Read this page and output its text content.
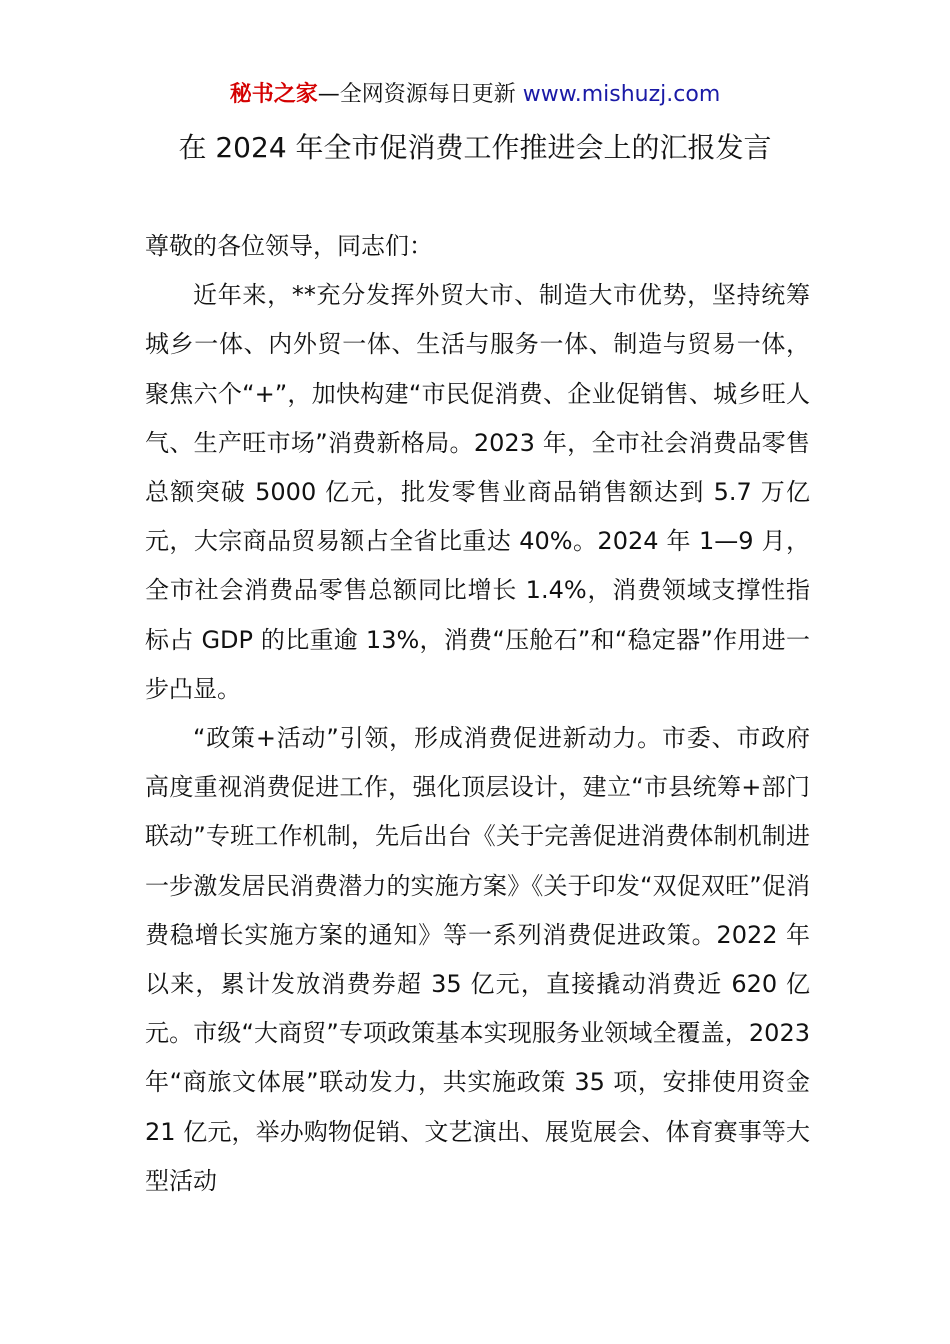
秘书之家—全网资源每日更新 www.mishuzj.com
在 2024 年全市促消费工作推进会上的汇报发言

尊敬的各位领导，同志们：

近年来，**充分发挥外贸大市、制造大市优势，坚持统筹城乡一体、内外贸一体、生活与服务一体、制造与贸易一体，聚焦六个“+”，加快构建“市民促消费、企业促销售、城乡旺人气、生产旺市场”消费新格局。2023 年，全市社会消费品零售总额突破 5000 亿元，批发零售业商品销售额达到 5.7 万亿元，大宗商品贸易额占全省比重达 40%。2024 年 1—9 月，全市社会消费品零售总额同比增长 1.4%，消费领域支撑性指标占 GDP 的比重逾 13%，消费“压舱石”和“稳定器”作用进一步凸显。

“政策+活动”引领，形成消费促进新动力。市委、市政府高度重视消费促进工作，强化顶层设计，建立“市县统筹+部门联动”专班工作机制，先后出台《关于完善促进消费体制机制进一步激发居民消费潜力的实施方案》《关于印发“双促双旺”促消费稳增长实施方案的通知》等一系列消费促进政策。2022 年以来，累计发放消费券超 35 亿元，直接撬动消费近 620 亿元。市级“大商贸”专项政策基本实现服务业领域全覆盖，2023 年“商旅文体展”联动发力，共实施政策 35 项，安排使用资金 21 亿元，举办购物促销、文艺演出、展览展会、体育赛事等大型活动
